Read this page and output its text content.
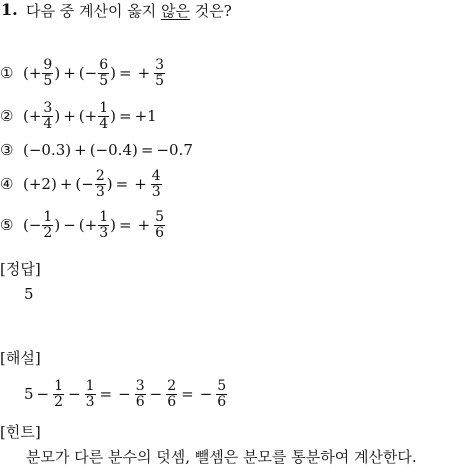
1. 다음 중 계산이 옳지 않은 것은?
① (+ $\frac{9}{5}$ ) + (− $\frac{6}{5}$ ) = + $\frac{3}{5}$
② (+ $\frac{3}{4}$ ) + (+ $\frac{1}{4}$ ) = +1
③ (−0.3) + (−0.4) = −0.7
④ (+2) + (− $\frac{2}{3}$ ) = + $\frac{4}{3}$
⑤ (− $\frac{1}{2}$ ) − (+ $\frac{1}{3}$ ) = + $\frac{5}{6}$
[정답]
5
[해설]
$5 - \frac{1}{2} - \frac{1}{3}$ = − $\frac{3}{6} - \frac{2}{6}$ = − $\frac{5}{6}$
[힌트]
분모가 다른 분수의 덧셈, 뺄셈은 분모를 통분하여 계산한다.
